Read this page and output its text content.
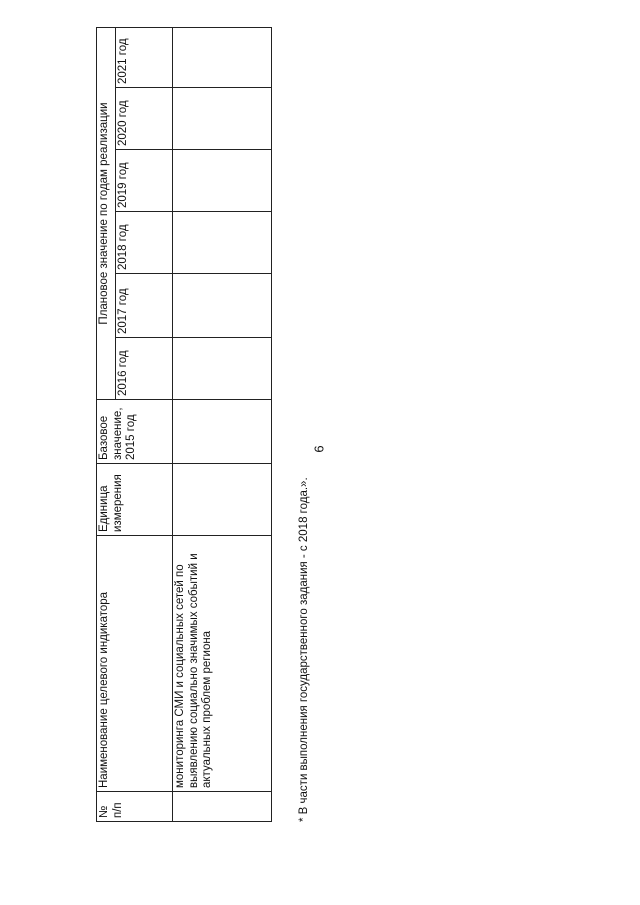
6
№ п/п	Наименование целевого индикатора	Единица измерения	Базовое значение, 2015 год	Плановое значение по годам реализации					
				2016 год	2017 год	2018 год	2019 год	2020 год	2021 год
	мониторинга СМИ и социальных сетей по выявлению социально значимых событий и актуальных проблем региона									* В части выполнения государственного задания - с 2018 года.».
